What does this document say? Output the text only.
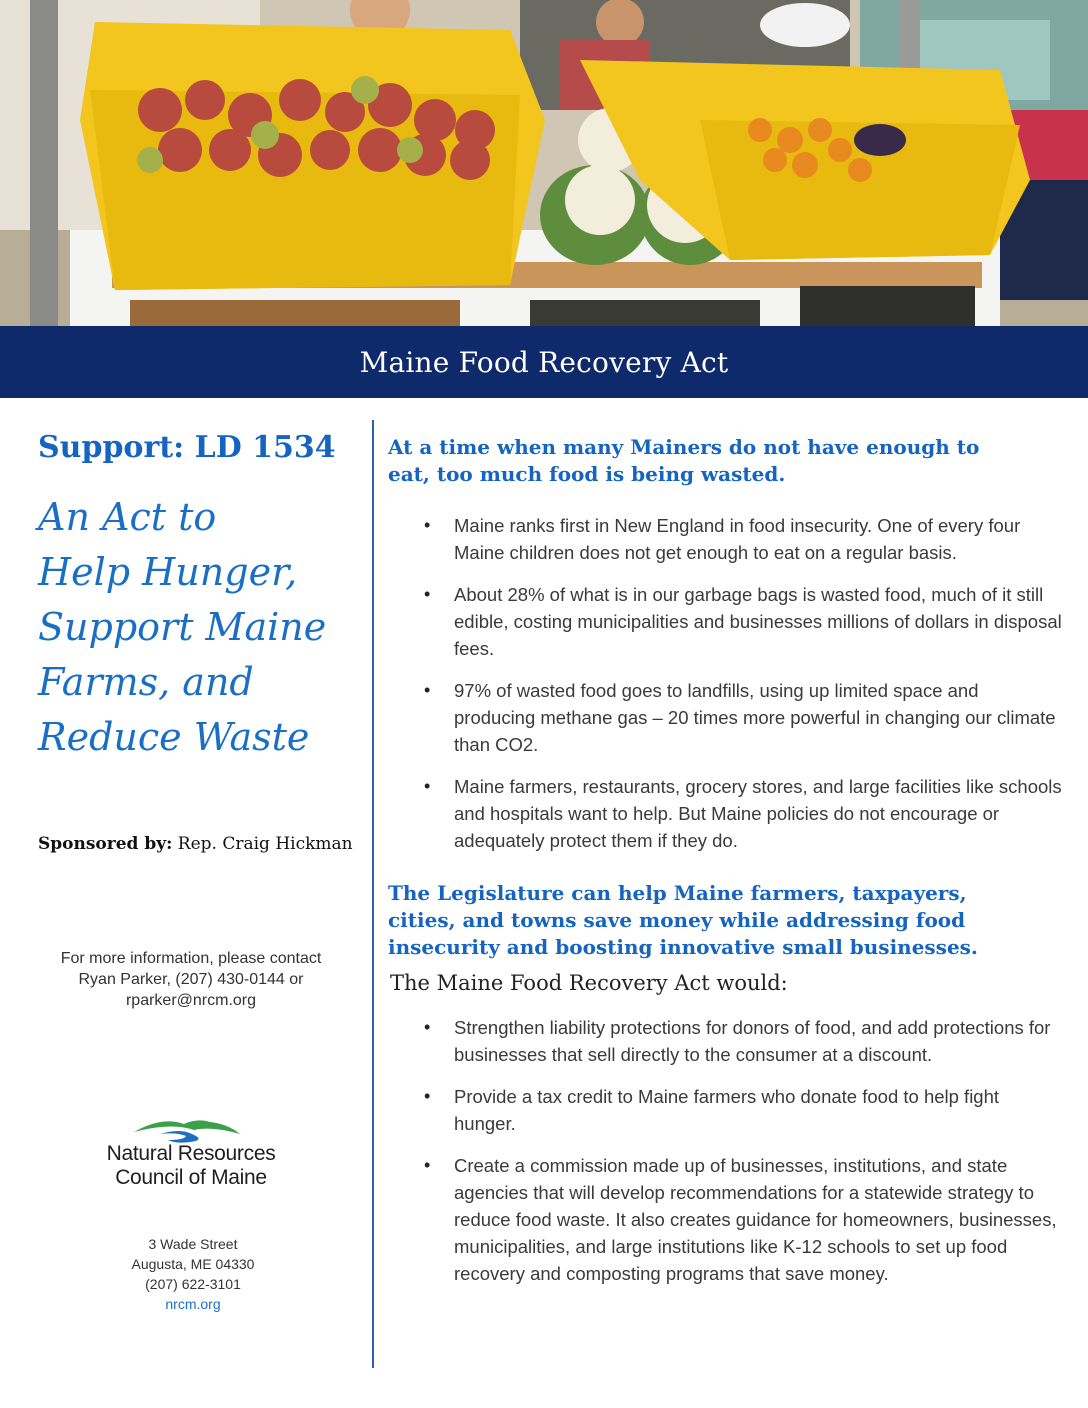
Maine Food Recovery Act
Support: LD 1534
An Act to
Help Hunger,
Support Maine
Farms, and
Reduce Waste
Sponsored by: Rep. Craig Hickman
For more information, please contact
Ryan Parker, (207) 430-0144 or
rparker@nrcm.org
Natural Resources
Council of Maine
3 Wade Street
Augusta, ME 04330
(207) 622-3101
nrcm.org
At a time when many Mainers do not have enough to
eat, too much food is being wasted.
• Maine ranks first in New England in food insecurity. One of every four Maine children does not get enough to eat on a regular basis.
• About 28% of what is in our garbage bags is wasted food, much of it still edible, costing municipalities and businesses millions of dollars in disposal fees.
• 97% of wasted food goes to landfills, using up limited space and producing methane gas – 20 times more powerful in changing our climate than CO2.
• Maine farmers, restaurants, grocery stores, and large facilities like schools and hospitals want to help. But Maine policies do not encourage or adequately protect them if they do.
The Legislature can help Maine farmers, taxpayers,
cities, and towns save money while addressing food
insecurity and boosting innovative small businesses.
The Maine Food Recovery Act would:
• Strengthen liability protections for donors of food, and add protections for businesses that sell directly to the consumer at a discount.
• Provide a tax credit to Maine farmers who donate food to help fight hunger.
• Create a commission made up of businesses, institutions, and state agencies that will develop recommendations for a statewide strategy to reduce food waste. It also creates guidance for homeowners, businesses, municipalities, and large institutions like K-12 schools to set up food recovery and composting programs that save money.
